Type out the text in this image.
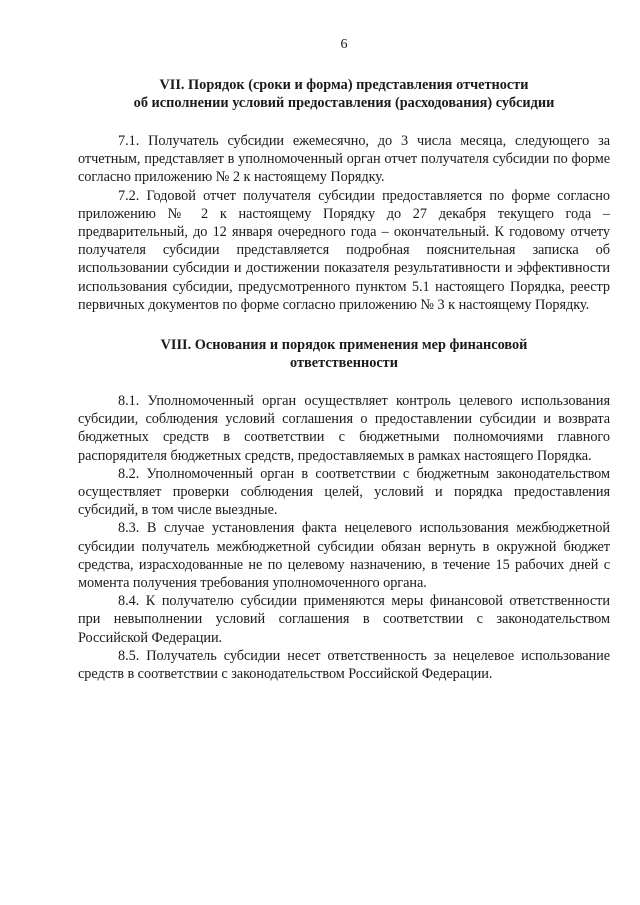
6
VII. Порядок (сроки и форма) представления отчетности
об исполнении условий предоставления (расходования) субсидии

7.1. Получатель субсидии ежемесячно, до 3 числа месяца, следующего за отчетным, представляет в уполномоченный орган отчет получателя субсидии по форме согласно приложению № 2 к настоящему Порядку.

7.2. Годовой отчет получателя субсидии предоставляется по форме согласно приложению № 2 к настоящему Порядку до 27 декабря текущего года – предварительный, до 12 января очередного года – окончательный. К годовому отчету получателя субсидии представляется подробная пояснительная записка об использовании субсидии и достижении показателя результативности и эффективности использования субсидии, предусмотренного пунктом 5.1 настоящего Порядка, реестр первичных документов по форме согласно приложению № 3 к настоящему Порядку.

VIII. Основания и порядок применения мер финансовой
ответственности

8.1. Уполномоченный орган осуществляет контроль целевого использования субсидии, соблюдения условий соглашения о предоставлении субсидии и возврата бюджетных средств в соответствии с бюджетными полномочиями главного распорядителя бюджетных средств, предоставляемых в рамках настоящего Порядка.

8.2. Уполномоченный орган в соответствии с бюджетным законодательством осуществляет проверки соблюдения целей, условий и порядка предоставления субсидий, в том числе выездные.

8.3. В случае установления факта нецелевого использования межбюджетной субсидии получатель межбюджетной субсидии обязан вернуть в окружной бюджет средства, израсходованные не по целевому назначению, в течение 15 рабочих дней с момента получения требования уполномоченного органа.

8.4. К получателю субсидии применяются меры финансовой ответственности при невыполнении условий соглашения в соответствии с законодательством Российской Федерации.

8.5. Получатель субсидии несет ответственность за нецелевое использование средств в соответствии с законодательством Российской Федерации.
